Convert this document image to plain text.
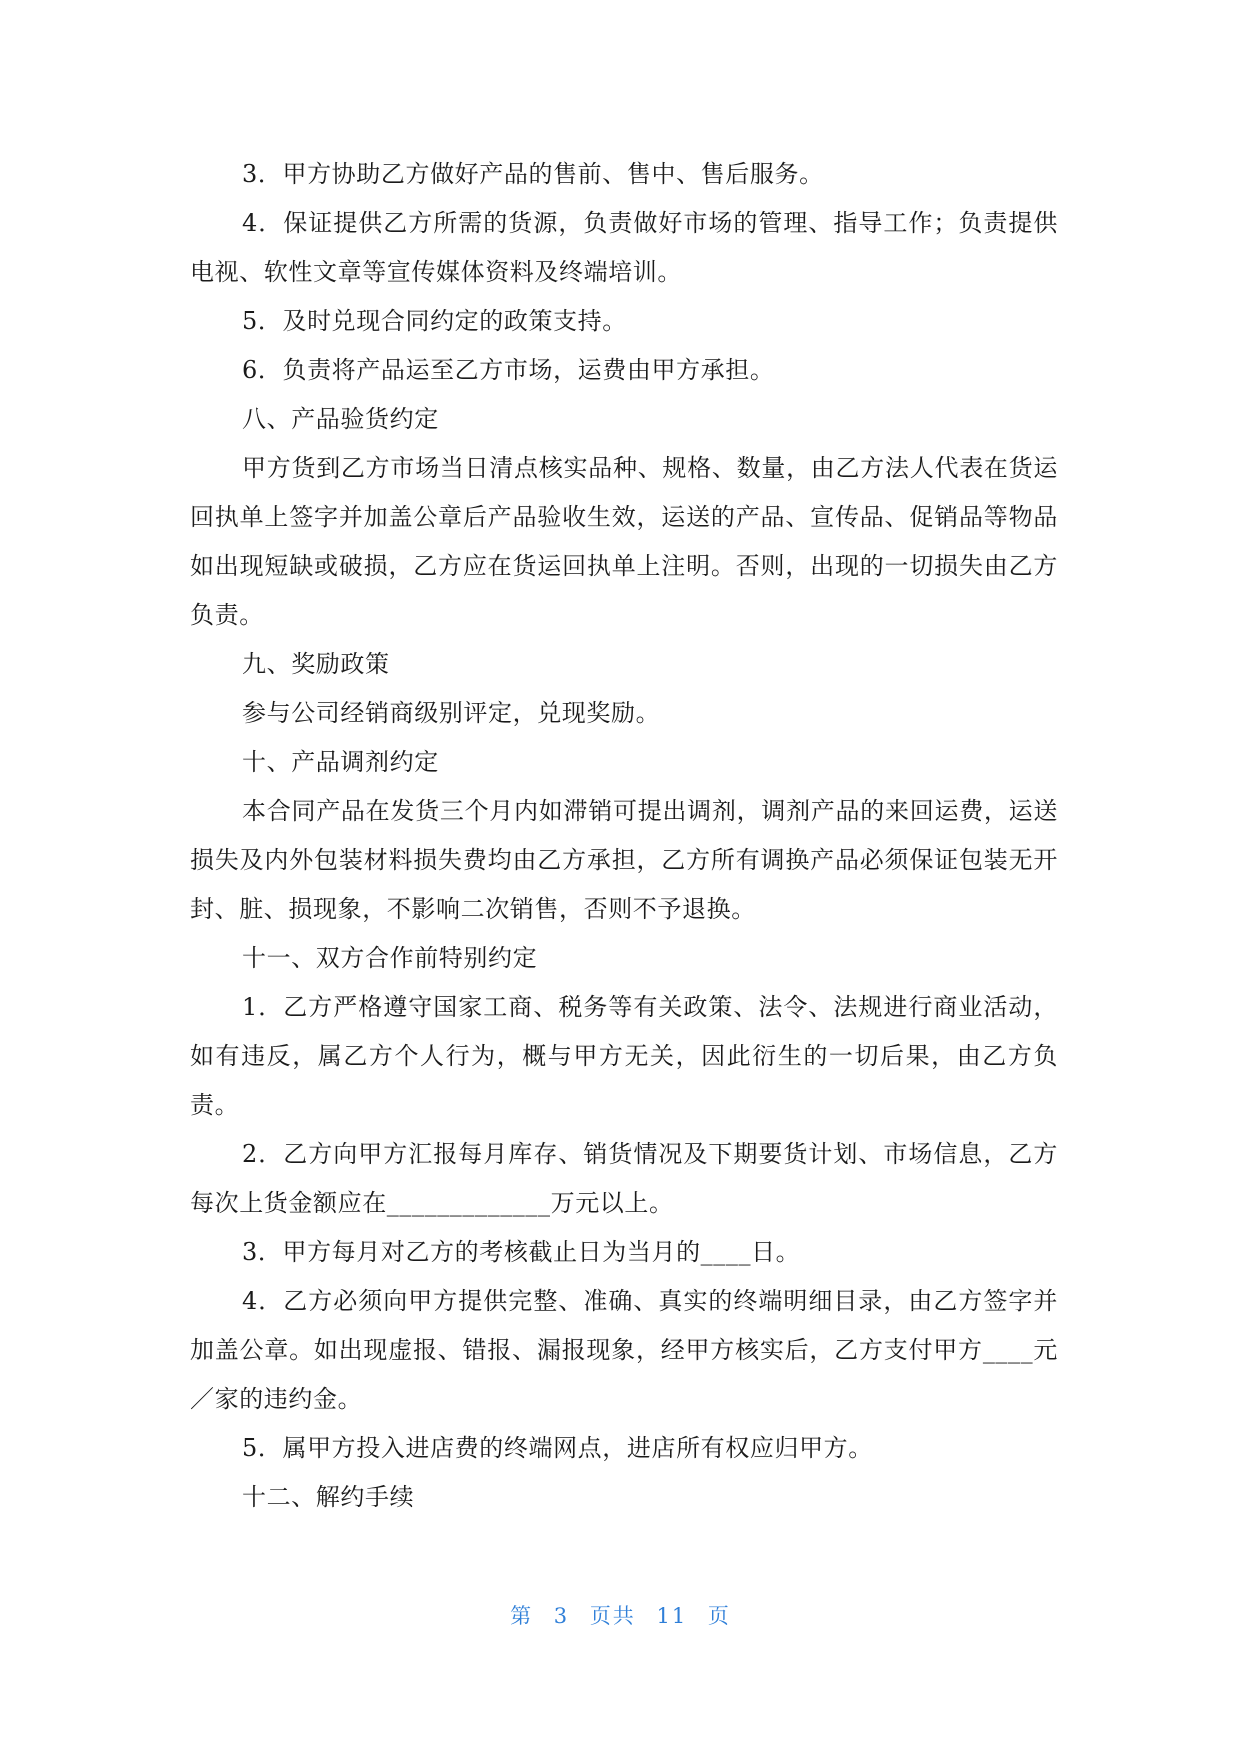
3．甲方协助乙方做好产品的售前、售中、售后服务。

4．保证提供乙方所需的货源，负责做好市场的管理、指导工作；负责提供电视、软性文章等宣传媒体资料及终端培训。

5．及时兑现合同约定的政策支持。

6．负责将产品运至乙方市场，运费由甲方承担。

八、产品验货约定

甲方货到乙方市场当日清点核实品种、规格、数量，由乙方法人代表在货运回执单上签字并加盖公章后产品验收生效，运送的产品、宣传品、促销品等物品如出现短缺或破损，乙方应在货运回执单上注明。否则，出现的一切损失由乙方负责。

九、奖励政策

参与公司经销商级别评定，兑现奖励。

十、产品调剂约定

本合同产品在发货三个月内如滞销可提出调剂，调剂产品的来回运费，运送损失及内外包装材料损失费均由乙方承担，乙方所有调换产品必须保证包装无开封、脏、损现象，不影响二次销售，否则不予退换。

十一、双方合作前特别约定

1．乙方严格遵守国家工商、税务等有关政策、法令、法规进行商业活动，如有违反，属乙方个人行为，概与甲方无关，因此衍生的一切后果，由乙方负责。

2．乙方向甲方汇报每月库存、销货情况及下期要货计划、市场信息，乙方每次上货金额应在_____________万元以上。

3．甲方每月对乙方的考核截止日为当月的____日。

4．乙方必须向甲方提供完整、准确、真实的终端明细目录，由乙方签字并加盖公章。如出现虚报、错报、漏报现象，经甲方核实后，乙方支付甲方____元／家的违约金。

5．属甲方投入进店费的终端网点，进店所有权应归甲方。

十二、解约手续

第 3 页共 11 页
